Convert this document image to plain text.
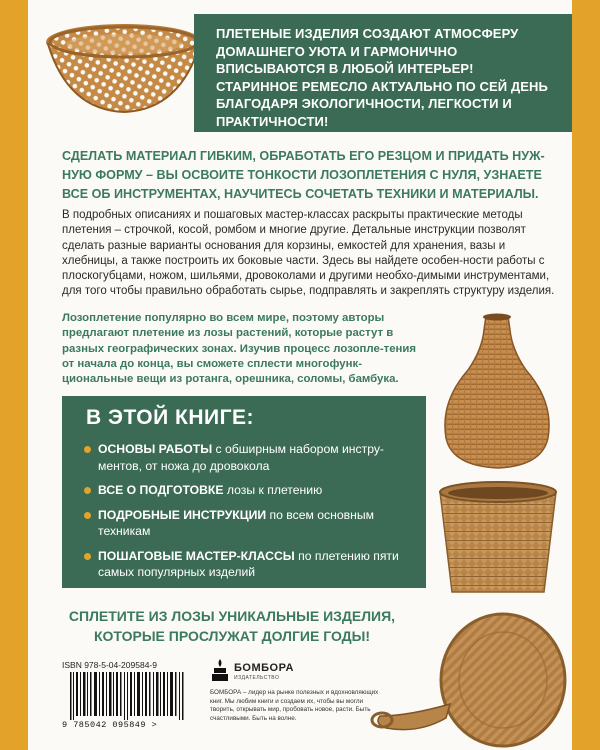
ПЛЕТЕНЫЕ ИЗДЕЛИЯ СОЗДАЮТ АТМОСФЕРУ ДОМАШНЕГО УЮТА И ГАРМОНИЧНО ВПИСЫВАЮТСЯ В ЛЮБОЙ ИНТЕРЬЕР! СТАРИННОЕ РЕМЕСЛО АКТУАЛЬНО ПО СЕЙ ДЕНЬ БЛАГОДАРЯ ЭКОЛОГИЧНОСТИ, ЛЕГКОСТИ И ПРАКТИЧНОСТИ!
СДЕЛАТЬ МАТЕРИАЛ ГИБКИМ, ОБРАБОТАТЬ ЕГО РЕЗЦОМ И ПРИДАТЬ НУЖ-НУЮ ФОРМУ – ВЫ ОСВОИТЕ ТОНКОСТИ ЛОЗОПЛЕТЕНИЯ С НУЛЯ, УЗНАЕТЕ ВСЕ ОБ ИНСТРУМЕНТАХ, НАУЧИТЕСЬ СОЧЕТАТЬ ТЕХНИКИ И МАТЕРИАЛЫ.
В подробных описаниях и пошаговых мастер-классах раскрыты практические методы плетения – строчкой, косой, ромбом и многие другие. Детальные инструкции позволят сделать разные варианты основания для корзины, емкостей для хранения, вазы и хлебницы, а также построить их боковые части. Здесь вы найдете особен-ности работы с плоскогубцами, ножом, шильями, дровоколами и другими необхо-димыми инструментами, для того чтобы правильно обработать сырье, подправлять и закреплять структуру изделия.
Лозоплетение популярно во всем мире, поэтому авторы предлагают плетение из лозы растений, которые растут в разных географических зонах. Изучив процесс лозопле-тения от начала до конца, вы сможете сплести многофунк-циональные вещи из ротанга, орешника, соломы, бамбука.
В ЭТОЙ КНИГЕ:
ОСНОВЫ РАБОТЫ с обширным набором инстру-ментов, от ножа до дровокола
ВСЕ О ПОДГОТОВКЕ лозы к плетению
ПОДРОБНЫЕ ИНСТРУКЦИИ по всем основным техникам
ПОШАГОВЫЕ МАСТЕР-КЛАССЫ по плетению пяти самых популярных изделий
СПЛЕТИТЕ ИЗ ЛОЗЫ УНИКАЛЬНЫЕ ИЗДЕЛИЯ, КОТОРЫЕ ПРОСЛУЖАТ ДОЛГИЕ ГОДЫ!
ISBN 978-5-04-209584-9
9 785042 095849 >
БОМБОРА
ИЗДАТЕЛЬСТВО
БОМБОРА – лидер на рынке полезных и вдохновляющих книг. Мы любим книги и создаем их, чтобы вы могли творить, открывать мир, пробовать новое, расти. Быть счастливыми. Быть на волне.
